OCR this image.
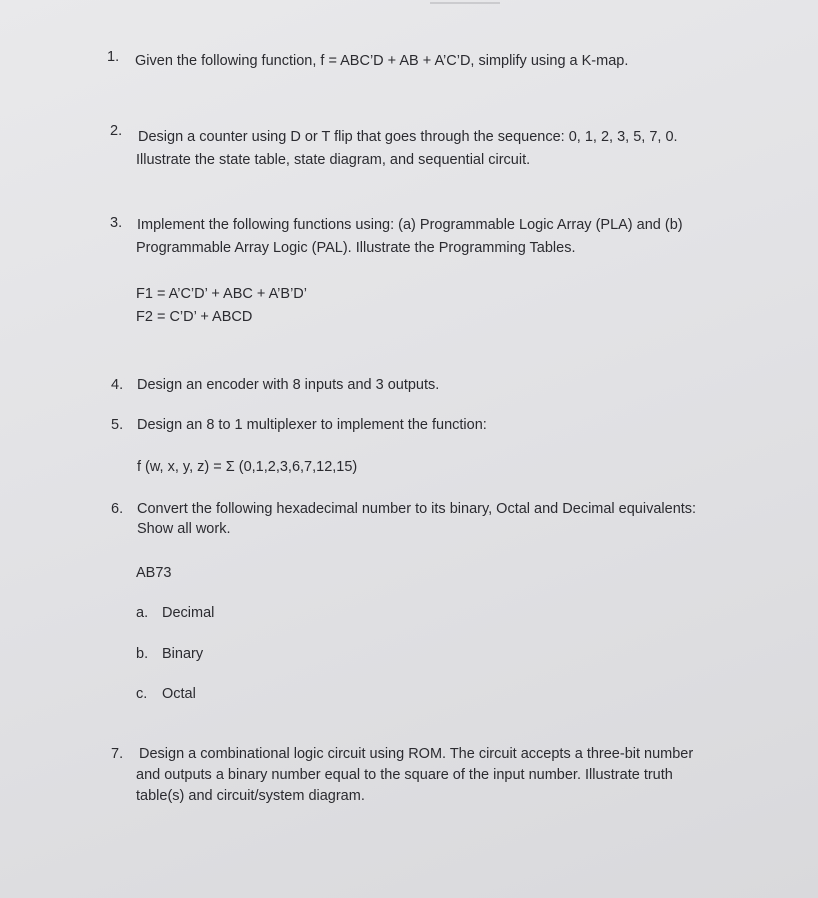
1. Given the following function, f = ABC’D + AB + A’C’D, simplify using a K-map.
2. Design a counter using D or T flip that goes through the sequence: 0, 1, 2, 3, 5, 7, 0.
Illustrate the state table, state diagram, and sequential circuit.
3. Implement the following functions using: (a) Programmable Logic Array (PLA) and (b)
Programmable Array Logic (PAL). Illustrate the Programming Tables.
F1 = A’C’D’ + ABC + A’B’D’
F2 = C’D’ + ABCD
4. Design an encoder with 8 inputs and 3 outputs.
5. Design an 8 to 1 multiplexer to implement the function:
f (w, x, y, z) = Σ (0,1,2,3,6,7,12,15)
6. Convert the following hexadecimal number to its binary, Octal and Decimal equivalents:
Show all work.
AB73
a. Decimal
b. Binary
c. Octal
7. Design a combinational logic circuit using ROM. The circuit accepts a three-bit number
and outputs a binary number equal to the square of the input number. Illustrate truth
table(s) and circuit/system diagram.
